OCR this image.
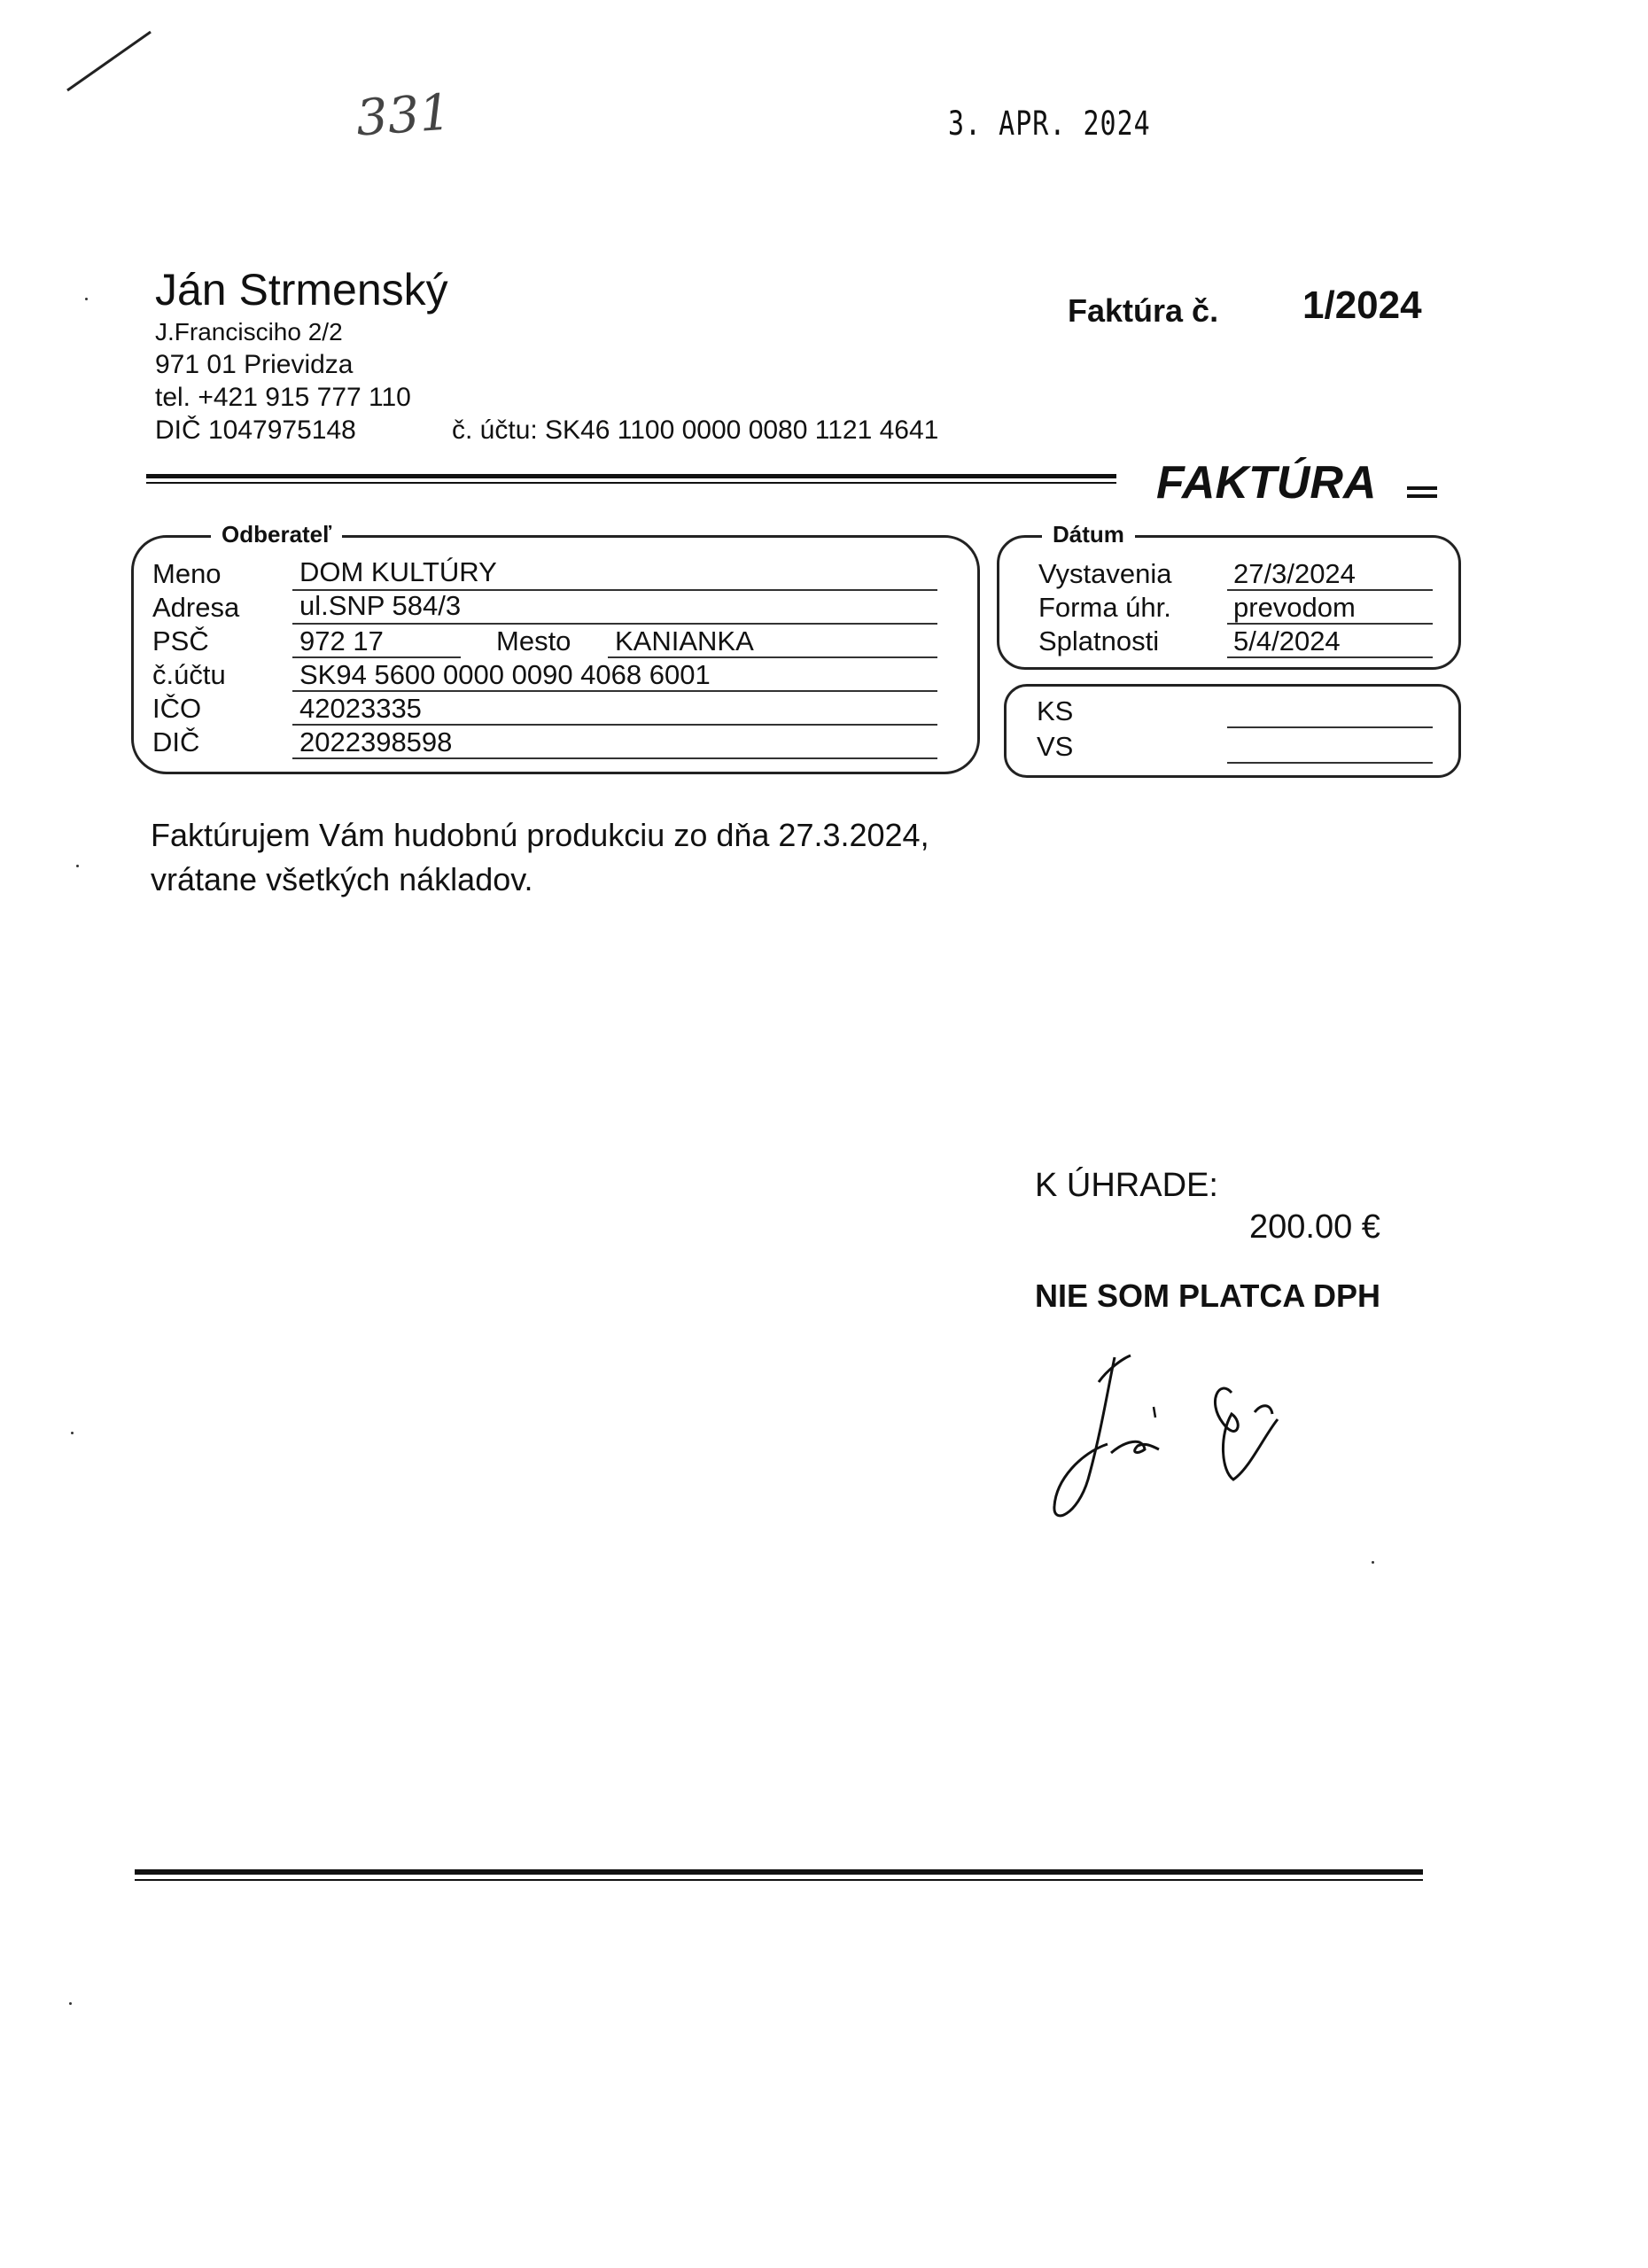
331	3. APR. 2024
Ján Strmenský
J.Francisciho 2/2
971 01 Prievidza
tel. +421 915 777 110
DIČ 1047975148	č. účtu: SK46 1100 0000 0080 1121 4641
Faktúra č. 1/2024
FAKTÚRA
Odberateľ
Meno	DOM KULTÚRY
Adresa ul.SNP 584/3
PSČ	972 17	Mesto KANIANKA
č.účtu	SK94 5600 0000 0090 4068 6001
IČO	42023335
DIČ	2022398598
Dátum
Vystavenia 27/3/2024
Forma úhr. prevodom
Splatnosti	5/4/2024
KS
VS
Faktúrujem Vám hudobnú produkciu zo dňa 27.3.2024,
vrátane všetkých nákladov.
K ÚHRADE:
200.00 €
NIE SOM PLATCA DPH
